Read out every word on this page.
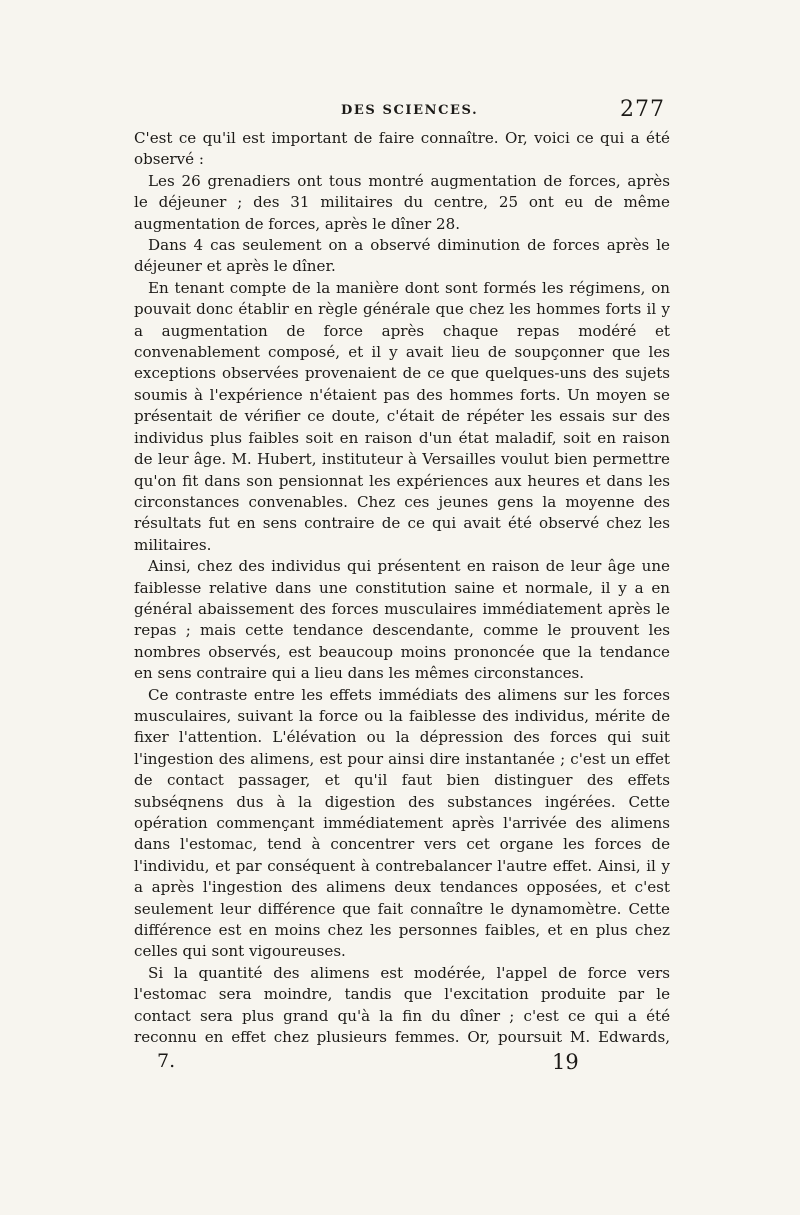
DES SCIENCES.	277

C'est ce qu'il est important de faire connaître. Or, voici ce qui a été observé :

Les 26 grenadiers ont tous montré augmentation de forces, après le déjeuner ; des 31 militaires du centre, 25 ont eu de même augmentation de forces, après le dîner 28.

Dans 4 cas seulement on a observé diminution de forces après le déjeuner et après le dîner.

En tenant compte de la manière dont sont formés les régimens, on pouvait donc établir en règle générale que chez les hommes forts il y a augmentation de force après chaque repas modéré et convenablement composé, et il y avait lieu de soupçonner que les exceptions observées provenaient de ce que quelques-uns des sujets soumis à l'expérience n'étaient pas des hommes forts. Un moyen se présentait de vérifier ce doute, c'était de répéter les essais sur des individus plus faibles soit en raison d'un état maladif, soit en raison de leur âge. M. Hubert, instituteur à Versailles voulut bien permettre qu'on fit dans son pensionnat les expériences aux heures et dans les circonstances convenables. Chez ces jeunes gens la moyenne des résultats fut en sens contraire de ce qui avait été observé chez les militaires.

Ainsi, chez des individus qui présentent en raison de leur âge une faiblesse relative dans une constitution saine et normale, il y a en général abaissement des forces musculaires immédiatement après le repas ; mais cette tendance descendante, comme le prouvent les nombres observés, est beaucoup moins prononcée que la tendance en sens contraire qui a lieu dans les mêmes circonstances.

Ce contraste entre les effets immédiats des alimens sur les forces musculaires, suivant la force ou la faiblesse des individus, mérite de fixer l'attention. L'élévation ou la dépression des forces qui suit l'ingestion des alimens, est pour ainsi dire instantanée ; c'est un effet de contact passager, et qu'il faut bien distinguer des effets subséqnens dus à la digestion des substances ingérées. Cette opération commençant immédiatement après l'arrivée des alimens dans l'estomac, tend à concentrer vers cet organe les forces de l'individu, et par conséquent à contrebalancer l'autre effet. Ainsi, il y a après l'ingestion des alimens deux tendances opposées, et c'est seulement leur différence que fait connaître le dynamomètre. Cette différence est en moins chez les personnes faibles, et en plus chez celles qui sont vigoureuses.

Si la quantité des alimens est modérée, l'appel de force vers l'estomac sera moindre, tandis que l'excitation produite par le contact sera plus grand qu'à la fin du dîner ; c'est ce qui a été reconnu en effet chez plusieurs femmes. Or, poursuit M. Edwards,

7.	19
